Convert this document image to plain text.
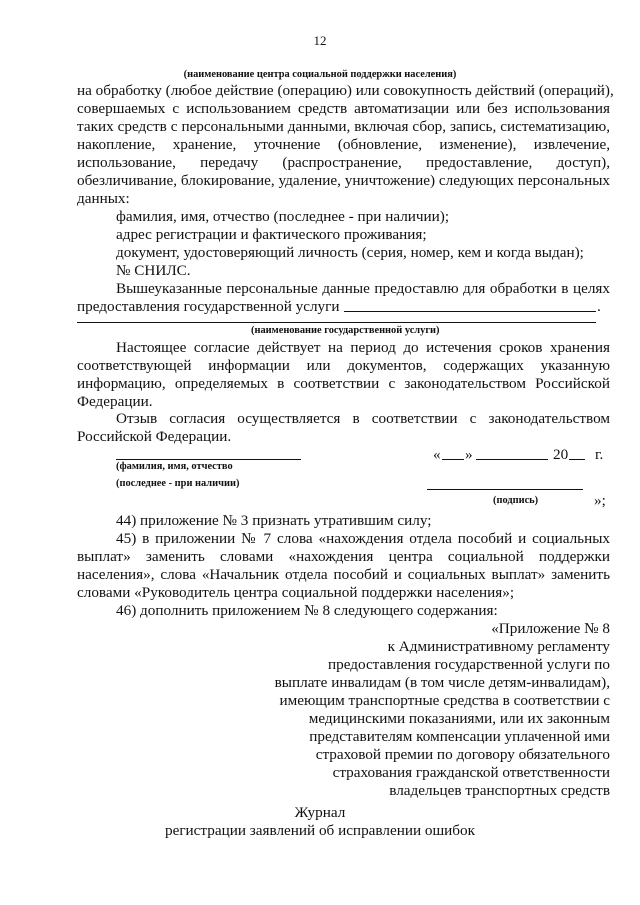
12
(наименование центра социальной поддержки населения)
на обработку (любое действие (операцию) или совокупность действий (операций),
совершаемых с использованием средств автоматизации или без использования
таких средств с персональными данными, включая сбор, запись, систематизацию,
накопление, хранение, уточнение (обновление, изменение), извлечение,
использование, передачу (распространение, предоставление, доступ),
обезличивание, блокирование, удаление, уничтожение) следующих персональных
данных:
фамилия, имя, отчество (последнее - при наличии);
адрес регистрации и фактического проживания;
документ, удостоверяющий личность (серия, номер, кем и когда выдан);
№ СНИЛС.
Вышеуказанные персональные данные предоставлю для обработки в целях
предоставления государственной услуги	.
(наименование государственной услуги)
Настоящее согласие действует на период до истечения сроков хранения
соответствующей информации или документов, содержащих указанную
информацию, определяемых в соответствии с законодательством Российской
Федерации.
Отзыв согласия осуществляется в соответствии с законодательством
Российской Федерации.
« »	20 г.
(фамилия, имя, отчество
(последнее - при наличии)
(подпись)	»;
44) приложение № 3 признать утратившим силу;
45) в приложении № 7 слова «нахождения отдела пособий и социальных
выплат» заменить словами «нахождения центра социальной поддержки
населения», слова «Начальник отдела пособий и социальных выплат» заменить
словами «Руководитель центра социальной поддержки населения»;
46) дополнить приложением № 8 следующего содержания:
«Приложение № 8
к Административному регламенту
предоставления государственной услуги по
выплате инвалидам (в том числе детям-инвалидам),
имеющим транспортные средства в соответствии с
медицинскими показаниями, или их законным
представителям компенсации уплаченной ими
страховой премии по договору обязательного
страхования гражданской ответственности
владельцев транспортных средств
Журнал
регистрации заявлений об исправлении ошибок
